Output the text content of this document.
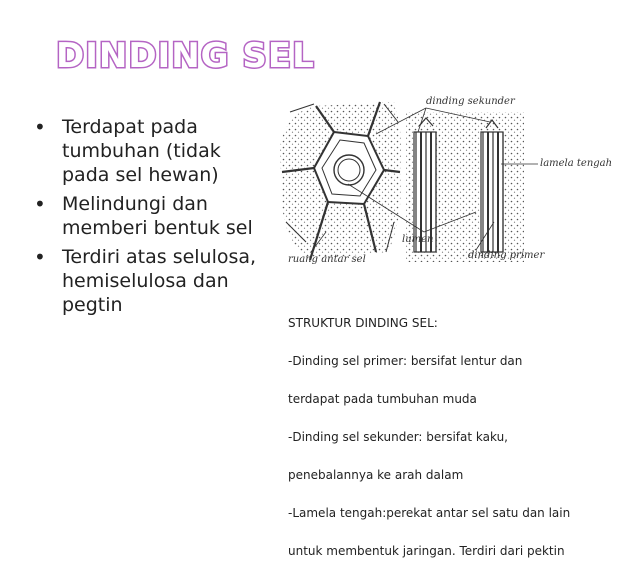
DINDING SEL
• Terdapat pada tumbuhan (tidak pada sel hewan)
• Melindungi dan memberi bentuk sel
• Terdiri atas selulosa, hemiselulosa dan pegtin
dinding sekunder
lamela tengah
lumen
dinding primer
ruang antar sel

STRUKTUR DINDING SEL:

-Dinding sel primer: bersifat lentur dan

terdapat pada tumbuhan muda

-Dinding sel sekunder: bersifat kaku,

penebalannya ke arah dalam

-Lamela tengah:perekat antar sel satu dan lain

untuk membentuk jaringan. Terdiri dari pektin
